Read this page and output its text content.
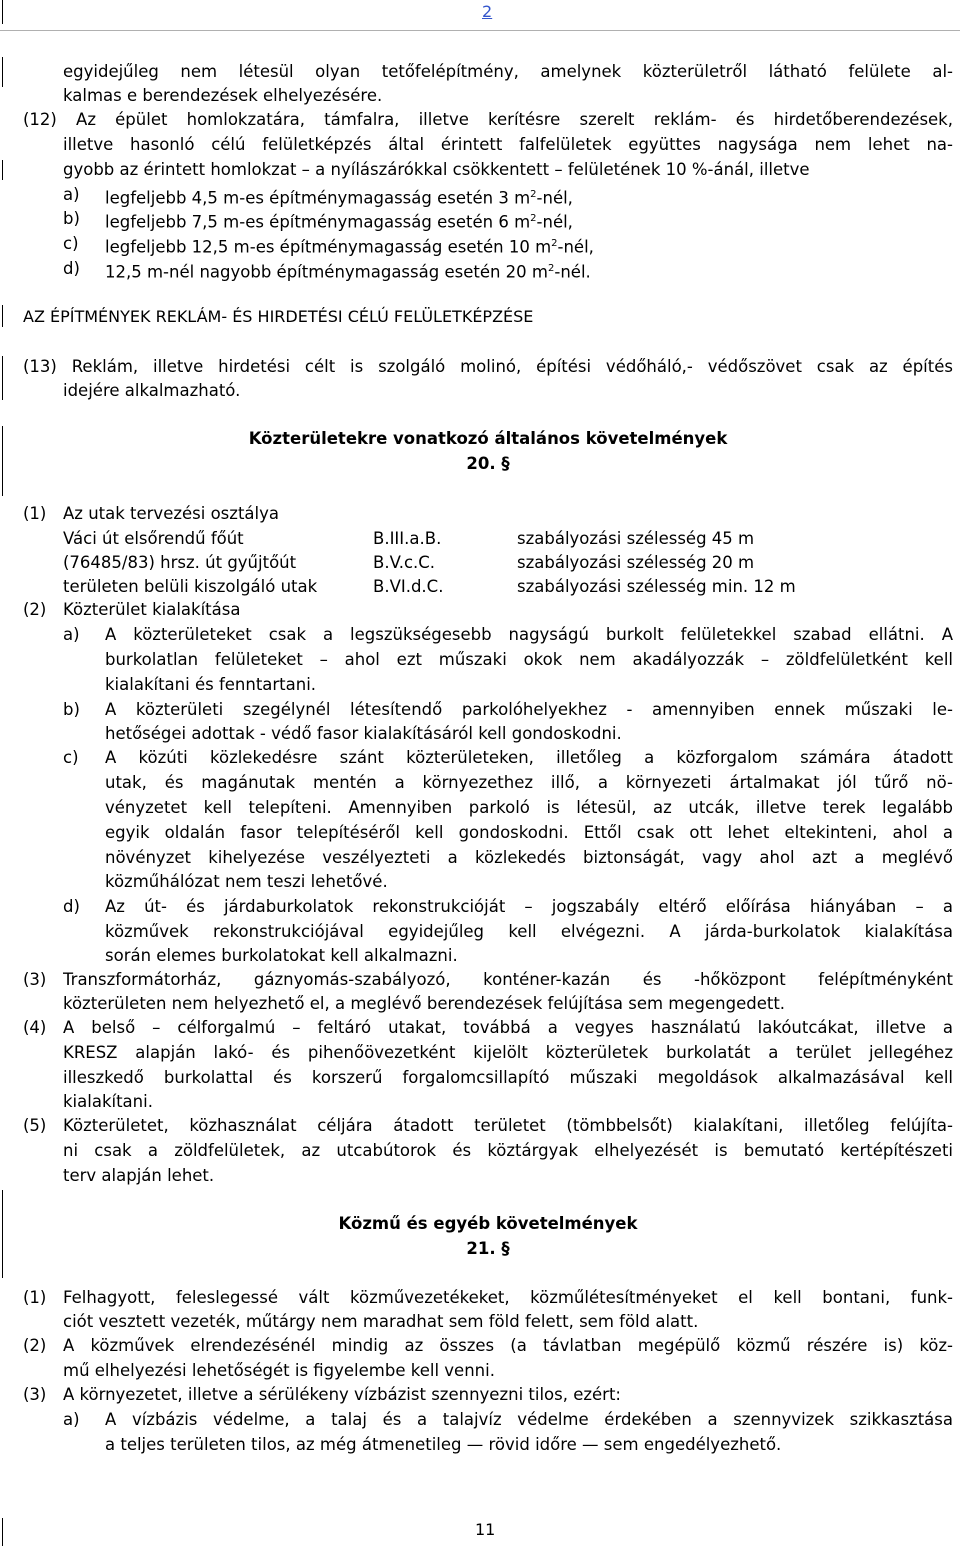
2
egyidejűleg nem létesül olyan tetőfelépítmény, amelynek közterületről látható felülete al-
kalmas e berendezések elhelyezésére.
(12) Az épület homlokzatára, támfalra, illetve kerítésre szerelt reklám- és hirdetőberendezések,
illetve hasonló célú felületképzés által érintett falfelületek együttes nagysága nem lehet na-
gyobb az érintett homlokzat – a nyílászárókkal csökkentett – felületének 10 %-ánál, illetve
a) legfeljebb 4,5 m-es építménymagasság esetén 3 $m^2$-nél,
b) legfeljebb 7,5 m-es építménymagasság esetén 6 $m^2$-nél,
c) legfeljebb 12,5 m-es építménymagasság esetén 10 $m^2$-nél,
d) 12,5 m-nél nagyobb építménymagasság esetén 20 $m^2$-nél.
AZ ÉPÍTMÉNYEK REKLÁM- ÉS HIRDETÉSI CÉLÚ FELÜLETKÉPZÉSE
(13) Reklám, illetve hirdetési célt is szolgáló molinó, építési védőháló,- védőszövet csak az építés
idejére alkalmazható.
Közterületekre vonatkozó általános követelmények
20. §
(1) Az utak tervezési osztálya
Váci út elsőrendű főút	B.III.a.B.	szabályozási szélesség 45 m
(76485/83) hrsz. út gyűjtőút	B.V.c.C.	szabályozási szélesség 20 m
területen belüli kiszolgáló utak	B.VI.d.C.	szabályozási szélesség min. 12 m
(2) Közterület kialakítása
a) A közterületeket csak a legszükségesebb nagyságú burkolt felületekkel szabad ellátni. A
burkolatlan felületeket – ahol ezt műszaki okok nem akadályozzák – zöldfelületként kell
kialakítani és fenntartani.
b) A közterületi szegélynél létesítendő parkolóhelyekhez - amennyiben ennek műszaki le-
hetőségei adottak - védő fasor kialakításáról kell gondoskodni.
c) A közúti közlekedésre szánt közterületeken, illetőleg a közforgalom számára átadott
utak, és magánutak mentén a környezethez illő, a környezeti ártalmakat jól tűrő nö-
vényzetet kell telepíteni. Amennyiben parkoló is létesül, az utcák, illetve terek legalább
egyik oldalán fasor telepítéséről kell gondoskodni. Ettől csak ott lehet eltekinteni, ahol a
növényzet kihelyezése veszélyezteti a közlekedés biztonságát, vagy ahol azt a meglévő
közműhálózat nem teszi lehetővé.
d) Az út- és járdaburkolatok rekonstrukcióját – jogszabály eltérő előírása hiányában – a
közművek rekonstrukciójával egyidejűleg kell elvégezni. A járda-burkolatok kialakítása
során elemes burkolatokat kell alkalmazni.
(3) Transzformátorház, gáznyomás-szabályozó, konténer-kazán és -hőközpont felépítményként
közterületen nem helyezhető el, a meglévő berendezések felújítása sem megengedett.
(4) A belső – célforgalmú – feltáró utakat, továbbá a vegyes használatú lakóutcákat, illetve a
KRESZ alapján lakó- és pihenőövezetként kijelölt közterületek burkolatát a terület jellegéhez
illeszkedő burkolattal és korszerű forgalomcsillapító műszaki megoldások alkalmazásával kell
kialakítani.
(5) Közterületet, közhasználat céljára átadott területet (tömbbelsőt) kialakítani, illetőleg felújíta-
ni csak a zöldfelületek, az utcabútorok és köztárgyak elhelyezését is bemutató kertépítészeti
terv alapján lehet.
Közmű és egyéb követelmények
21. §
(1) Felhagyott, feleslegessé vált közművezetékeket, közműlétesítményeket el kell bontani, funk-
ciót vesztett vezeték, műtárgy nem maradhat sem föld felett, sem föld alatt.
(2) A közművek elrendezésénél mindig az összes (a távlatban megépülő közmű részére is) köz-
mű elhelyezési lehetőségét is figyelembe kell venni.
(3) A környezetet, illetve a sérülékeny vízbázist szennyezni tilos, ezért:
a) A vízbázis védelme, a talaj és a talajvíz védelme érdekében a szennyvizek szikkasztása
a teljes területen tilos, az még átmenetileg — rövid időre — sem engedélyezhető.
11
